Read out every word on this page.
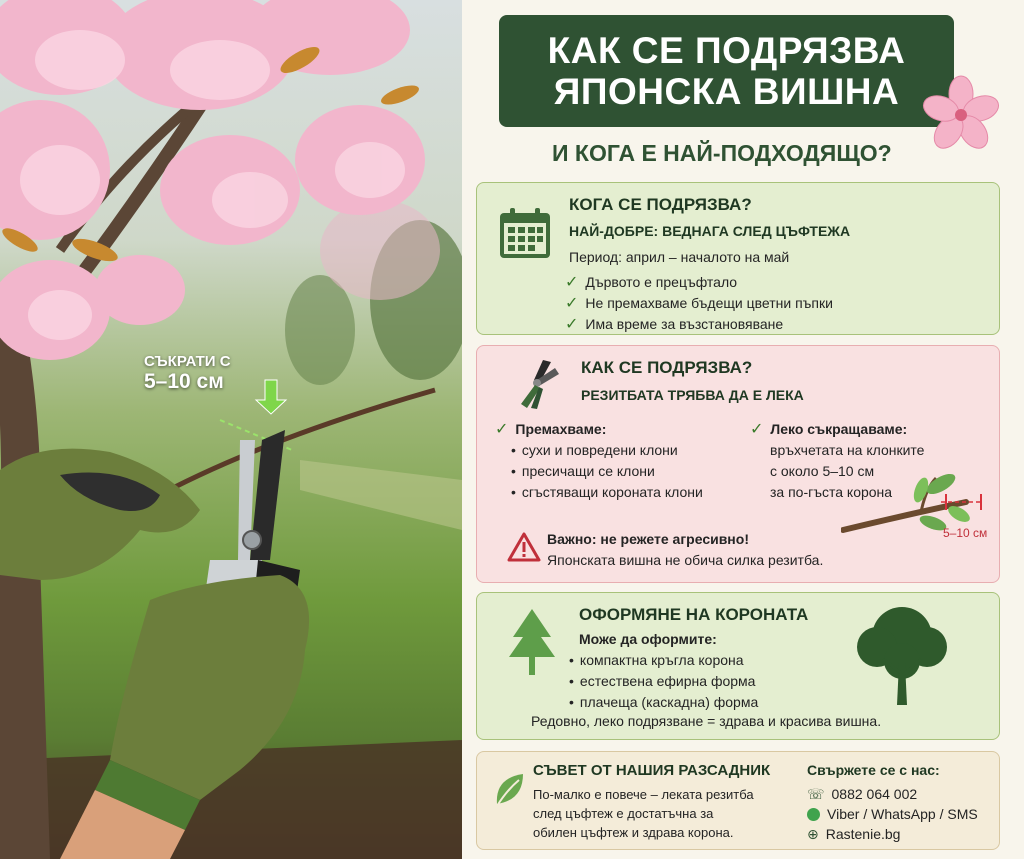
СЪКРАТИ С
5–10 см
КАК СЕ ПОДРЯЗВА
ЯПОНСКА ВИШНА
И КОГА Е НАЙ-ПОДХОДЯЩО?
КОГА СЕ ПОДРЯЗВА?
НАЙ-ДОБРЕ: ВЕДНАГА СЛЕД ЦЪФТЕЖА
Период: април – началото на май
✓ Дървото е прецъфтало
✓ Не премахваме бъдещи цветни пъпки
✓ Има време за възстановяване
КАК СЕ ПОДРЯЗВА?
РЕЗИТБАТА ТРЯБВА ДА Е ЛЕКА
✓ Премахваме:
• сухи и повредени клони
• пресичащи се клони
• сгъстяващи короната клони
✓ Леко съкращаваме:
връхчетата на клонките
с около 5–10 см
за по-гъста корона
5–10 см
Важно: не режете агресивно!
Японската вишна не обича силка резитба.
ОФОРМЯНЕ НА КОРОНАТА
Може да оформите:
• компактна кръгла корона
• естествена ефирна форма
• плачеща (каскадна) форма
Редовно, леко подрязване = здрава и красива вишна.
СЪВЕТ ОТ НАШИЯ РАЗСАДНИК
По-малко е повече – леката резитба
след цъфтеж е достатъчна за
обилен цъфтеж и здрава корона.
Свържете се с нас:
☏ 0882 064 002
Viber / WhatsApp / SMS
⊕ Rastenie.bg
